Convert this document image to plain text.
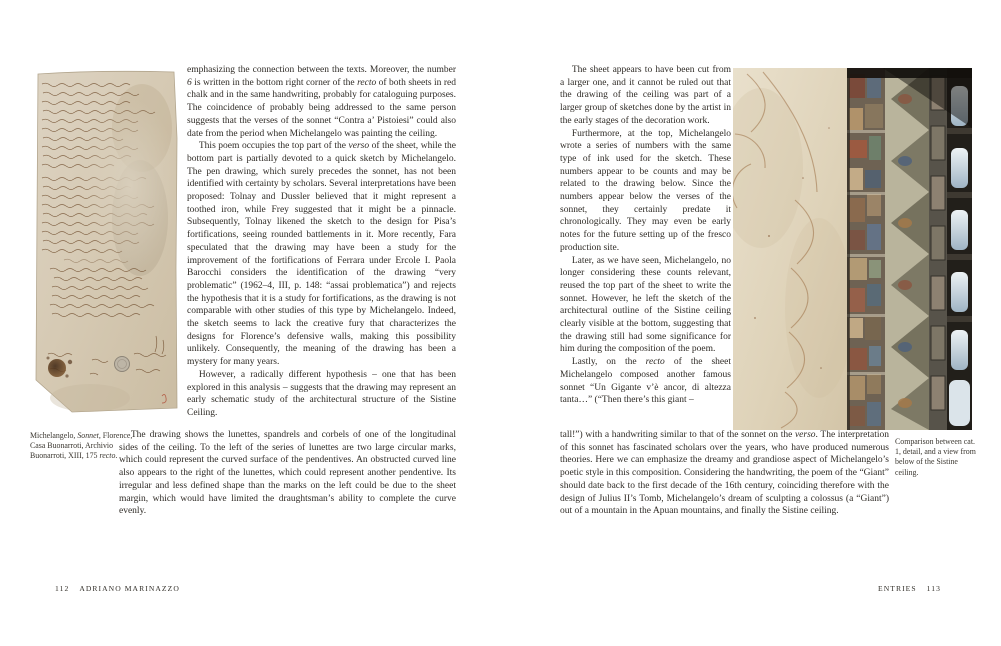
Michelangelo, Sonnet, Florence, Casa Buonarroti, Archivio Buonarroti, XIII, 175 recto.

emphasizing the connection between the texts. Moreover, the number 6 is written in the bottom right corner of the recto of both sheets in red chalk and in the same handwriting, probably for cataloguing purposes. The coincidence of probably being addressed to the same person suggests that the verses of the sonnet “Contra a’ Pistoiesi” could also date from the period when Michelangelo was painting the ceiling.

This poem occupies the top part of the verso of the sheet, while the bottom part is partially devoted to a quick sketch by Michelangelo. The pen drawing, which surely precedes the sonnet, has not been identified with certainty by scholars. Several interpretations have been proposed: Tolnay and Dussler believed that it might represent a toothed iron, while Frey suggested that it might be a pinnacle. Subsequently, Tolnay likened the sketch to the design for Pisa’s fortifications, seeing rounded battlements in it. More recently, Fara speculated that the drawing may have been a study for the improvement of the fortifications of Ferrara under Ercole I. Paola Barocchi considers the identification of the drawing “very problematic” (1962–4, III, p. 148: “assai problematica”) and rejects the hypothesis that it is a study for fortifications, as the drawing is not comparable with other studies of this type by Michelangelo. Indeed, the sketch seems to lack the creative fury that characterizes the designs for Florence’s defensive walls, making this possibility unlikely. Consequently, the meaning of the drawing has been a mystery for many years.

However, a radically different hypothesis – one that has been explored in this analysis – suggests that the drawing may represent an early schematic study of the architectural structure of the Sistine Ceiling.

The drawing shows the lunettes, spandrels and corbels of one of the longitudinal sides of the ceiling. To the left of the series of lunettes are two large circular marks, which could represent the curved surface of the pendentives. An obstructed curved line also appears to the right of the lunettes, which could represent another pendentive. Its irregular and less defined shape than the marks on the left could be due to the sheet margin, which would have limited the draughtsman’s ability to complete the curve evenly.

112 ADRIANO MARINAZZO

The sheet appears to have been cut from a larger one, and it cannot be ruled out that the drawing of the ceiling was part of a larger group of sketches done by the artist in the early stages of the decoration work.

Furthermore, at the top, Michelangelo wrote a series of numbers with the same type of ink used for the sketch. These numbers appear to be counts and may be related to the drawing below. Since the numbers appear below the verses of the sonnet, they certainly predate it chronologically. They may even be early notes for the future setting up of the fresco production site.

Later, as we have seen, Michelangelo, no longer considering these counts relevant, reused the top part of the sheet to write the sonnet. However, he left the sketch of the architectural outline of the Sistine ceiling clearly visible at the bottom, suggesting that the drawing still had some significance for him during the composition of the poem.

Lastly, on the recto of the sheet Michelangelo composed another famous sonnet “Un Gigante v’è ancor, di altezza tanta…” (“Then there’s this giant –

tall!”) with a handwriting similar to that of the sonnet on the verso. The interpretation of this sonnet has fascinated scholars over the years, who have produced numerous theories. Here we can emphasize the dreamy and grandiose aspect of Michelangelo’s poetic style in this composition. Considering the handwriting, the poem of the “Giant” should date back to the first decade of the 16th century, coinciding therefore with the design of Julius II’s Tomb, Michelangelo’s dream of sculpting a colossus (a “Giant”) out of a mountain in the Apuan mountains, and finally the Sistine ceiling.

Comparison between cat. 1, detail, and a view from below of the Sistine ceiling.
ENTRIES 113
